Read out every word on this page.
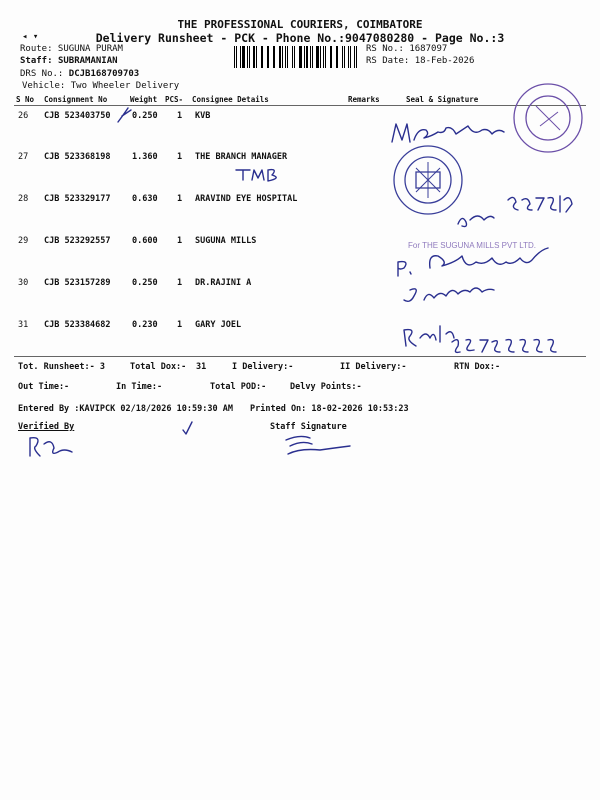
THE PROFESSIONAL COURIERS, COIMBATORE
Delivery Runsheet - PCK - Phone No.:9047080280 - Page No.:3
◂ ▾
Route: SUGUNA PURAM
Staff: SUBRAMANIAN
DRS No.: DCJB168709703
Vehicle: Two Wheeler Delivery
RS No.: 1687097
RS Date: 18-Feb-2026
S No Consignment No	Weight PCS- Consignee Details	Remarks	Seal & Signature
26 CJB 523403750	0.250 1 KVB
27 CJB 523368198	1.360 1 THE BRANCH MANAGER
28 CJB 523329177	0.630 1 ARAVIND EYE HOSPITAL
29 CJB 523292557	0.600 1 SUGUNA MILLS
30 CJB 523157289	0.250 1 DR.RAJINI A
31 CJB 523384682	0.230 1 GARY JOEL
For THE SUGUNA MILLS PVT LTD.
Tot. Runsheet:- 3	Total Dox:- 31	I Delivery:-	II Delivery:-	RTN Dox:-
Out Time:-	In Time:-	Total POD:-	Delvy Points:-
Entered By :KAVIPCK 02/18/2026 10:59:30 AM Printed On: 18-02-2026 10:53:23
Verified By	Staff Signature
